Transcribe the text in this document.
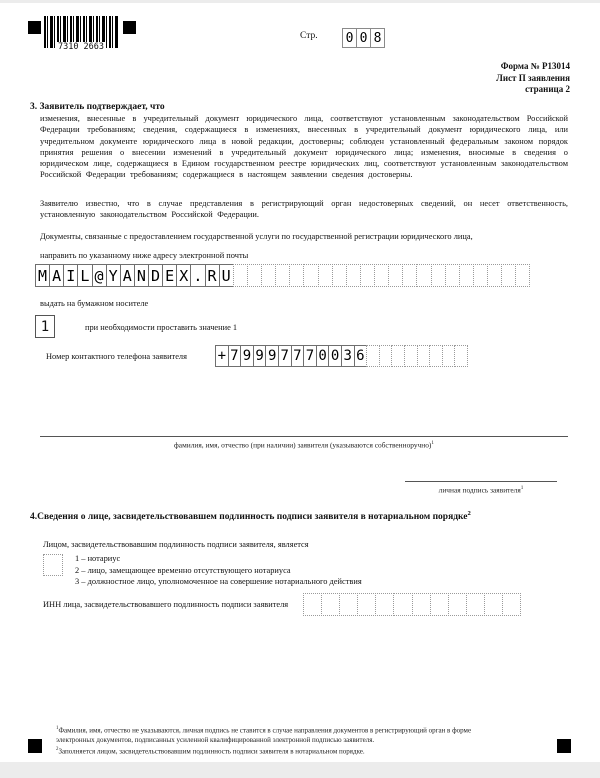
7310 2663
Стр. 0 0 8
Форма № Р13014
Лист П заявления
страница 2
3. Заявитель подтверждает, что
изменения, внесенные в учредительный документ юридического лица, соответствуют установленным законодательством Российской Федерации требованиям; сведения, содержащиеся в изменениях, внесенных в учредительный документ юридического лица, или учредительном документе юридического лица в новой редакции, достоверны; соблюден установленный федеральным законом порядок принятия решения о внесении изменений в учредительный документ юридического лица; изменения, вносимые в сведения о юридическом лице, содержащиеся в Едином государственном реестре юридических лиц, соответствуют установленным законодательством Российской Федерации требованиям; содержащиеся в настоящем заявлении сведения достоверны.
Заявителю известно, что в случае представления в регистрирующий орган недостоверных сведений, он несет ответственность, установленную законодательством Российской Федерации.
Документы, связанные с предоставлением государственной услуги по государственной регистрации юридического лица,
направить по указанному ниже адресу электронной почты
M A I L @ Y A N D E X . R U
выдать на бумажном носителе
1	при необходимости проставить значение 1
Номер контактного телефона заявителя + 7 9 9 9 7 7 7 0 0 3 6
фамилия, имя, отчество (при наличии) заявителя (указываются собственноручно)$^1$
личная подпись заявителя$^1$
4.Сведения о лице, засвидетельствовавшем подлинность подписи заявителя в нотариальном порядке$^2$
Лицом, засвидетельствовавшим подлинность подписи заявителя, является
1 – нотариус
2 – лицо, замещающее временно отсутствующего нотариуса
3 – должностное лицо, уполномоченное на совершение нотариального действия
ИНН лица, засвидетельствовавшего подлинность подписи заявителя
$^1$Фамилия, имя, отчество не указываются, личная подпись не ставится в случае направления документов в регистрирующий орган в форме электронных документов, подписанных усиленной квалифицированной электронной подписью заявителя.
$^2$Заполняется лицом, засвидетельствовавшим подлинность подписи заявителя в нотариальном порядке.
